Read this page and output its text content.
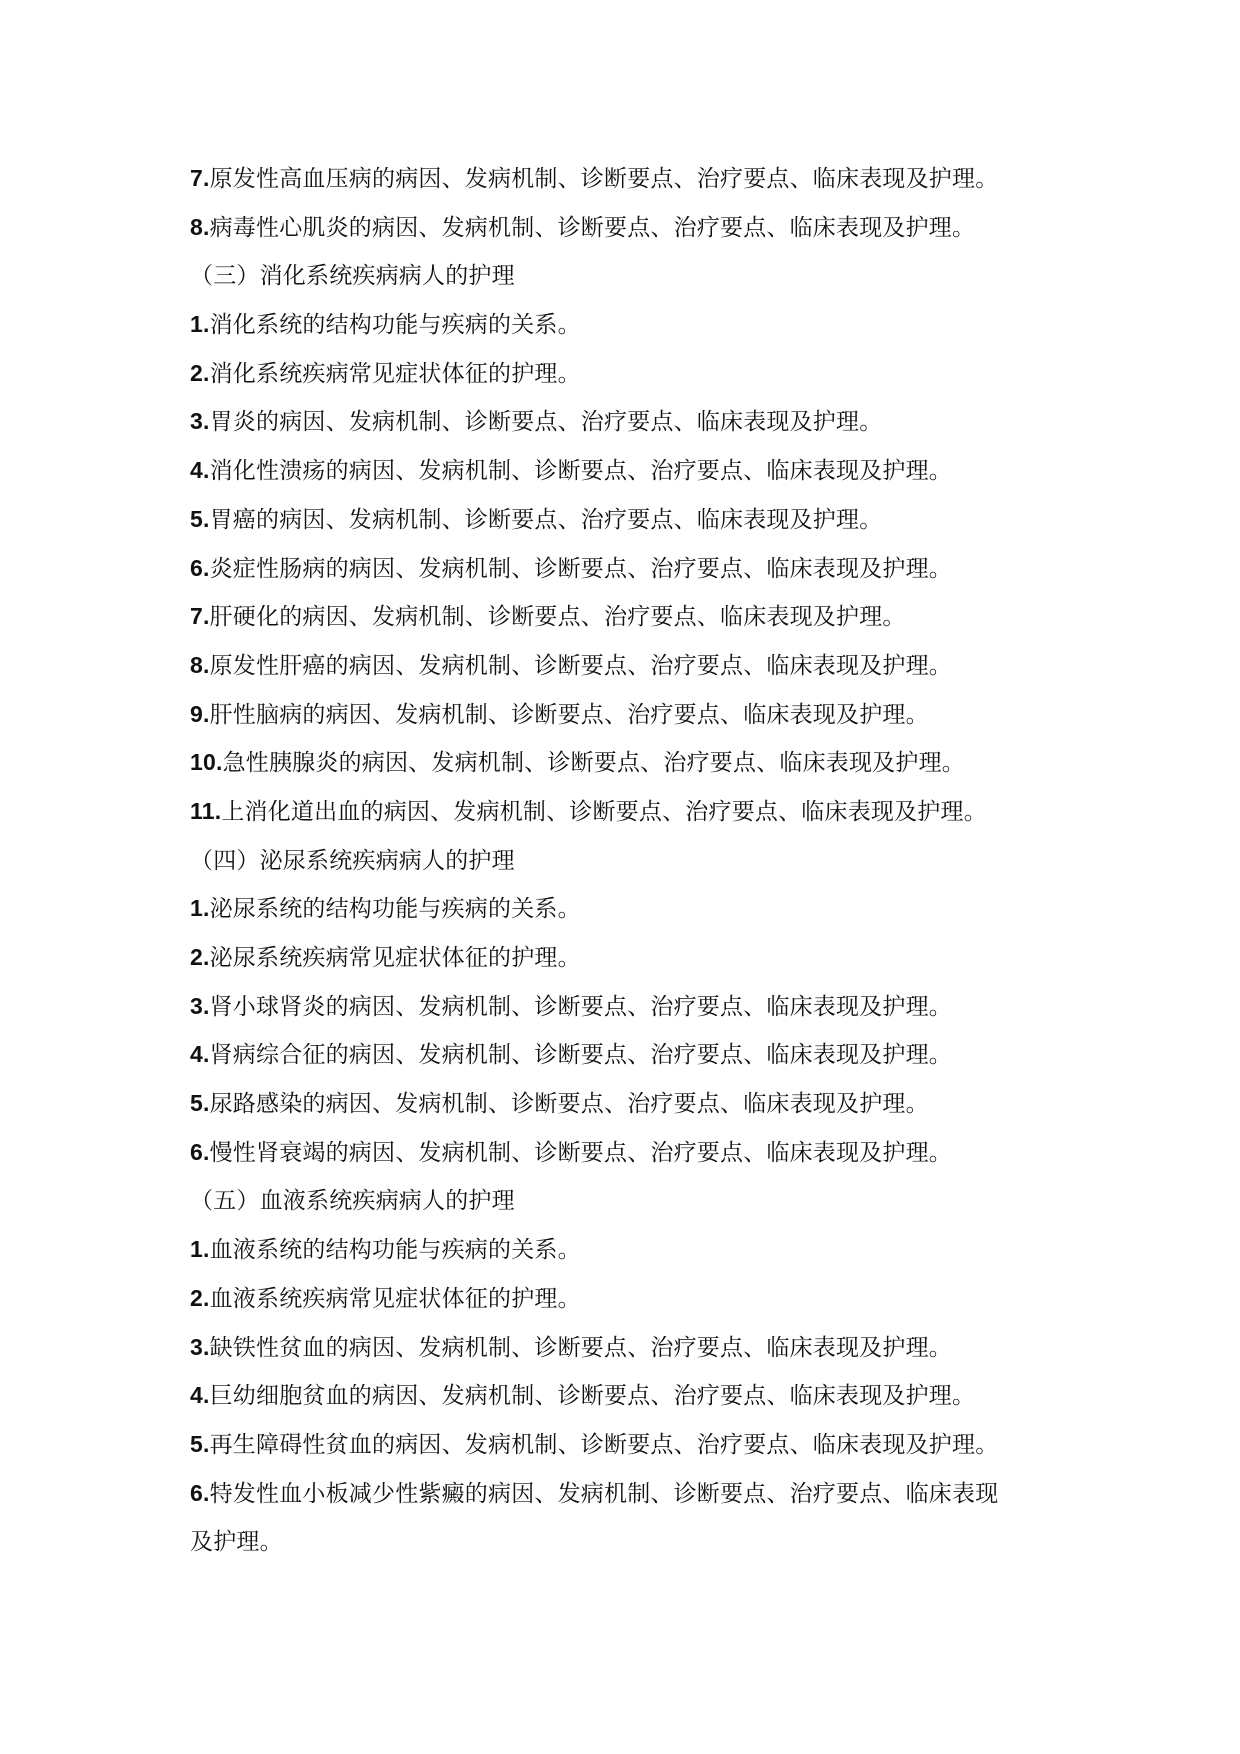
7.原发性高血压病的病因、发病机制、诊断要点、治疗要点、临床表现及护理。
8.病毒性心肌炎的病因、发病机制、诊断要点、治疗要点、临床表现及护理。
（三）消化系统疾病病人的护理
1.消化系统的结构功能与疾病的关系。
2.消化系统疾病常见症状体征的护理。
3.胃炎的病因、发病机制、诊断要点、治疗要点、临床表现及护理。
4.消化性溃疡的病因、发病机制、诊断要点、治疗要点、临床表现及护理。
5.胃癌的病因、发病机制、诊断要点、治疗要点、临床表现及护理。
6.炎症性肠病的病因、发病机制、诊断要点、治疗要点、临床表现及护理。
7.肝硬化的病因、发病机制、诊断要点、治疗要点、临床表现及护理。
8.原发性肝癌的病因、发病机制、诊断要点、治疗要点、临床表现及护理。
9.肝性脑病的病因、发病机制、诊断要点、治疗要点、临床表现及护理。
10.急性胰腺炎的病因、发病机制、诊断要点、治疗要点、临床表现及护理。
11.上消化道出血的病因、发病机制、诊断要点、治疗要点、临床表现及护理。
（四）泌尿系统疾病病人的护理
1.泌尿系统的结构功能与疾病的关系。
2.泌尿系统疾病常见症状体征的护理。
3.肾小球肾炎的病因、发病机制、诊断要点、治疗要点、临床表现及护理。
4.肾病综合征的病因、发病机制、诊断要点、治疗要点、临床表现及护理。
5.尿路感染的病因、发病机制、诊断要点、治疗要点、临床表现及护理。
6.慢性肾衰竭的病因、发病机制、诊断要点、治疗要点、临床表现及护理。
（五）血液系统疾病病人的护理
1.血液系统的结构功能与疾病的关系。
2.血液系统疾病常见症状体征的护理。
3.缺铁性贫血的病因、发病机制、诊断要点、治疗要点、临床表现及护理。
4.巨幼细胞贫血的病因、发病机制、诊断要点、治疗要点、临床表现及护理。
5.再生障碍性贫血的病因、发病机制、诊断要点、治疗要点、临床表现及护理。
6.特发性血小板减少性紫癜的病因、发病机制、诊断要点、治疗要点、临床表现
及护理。
